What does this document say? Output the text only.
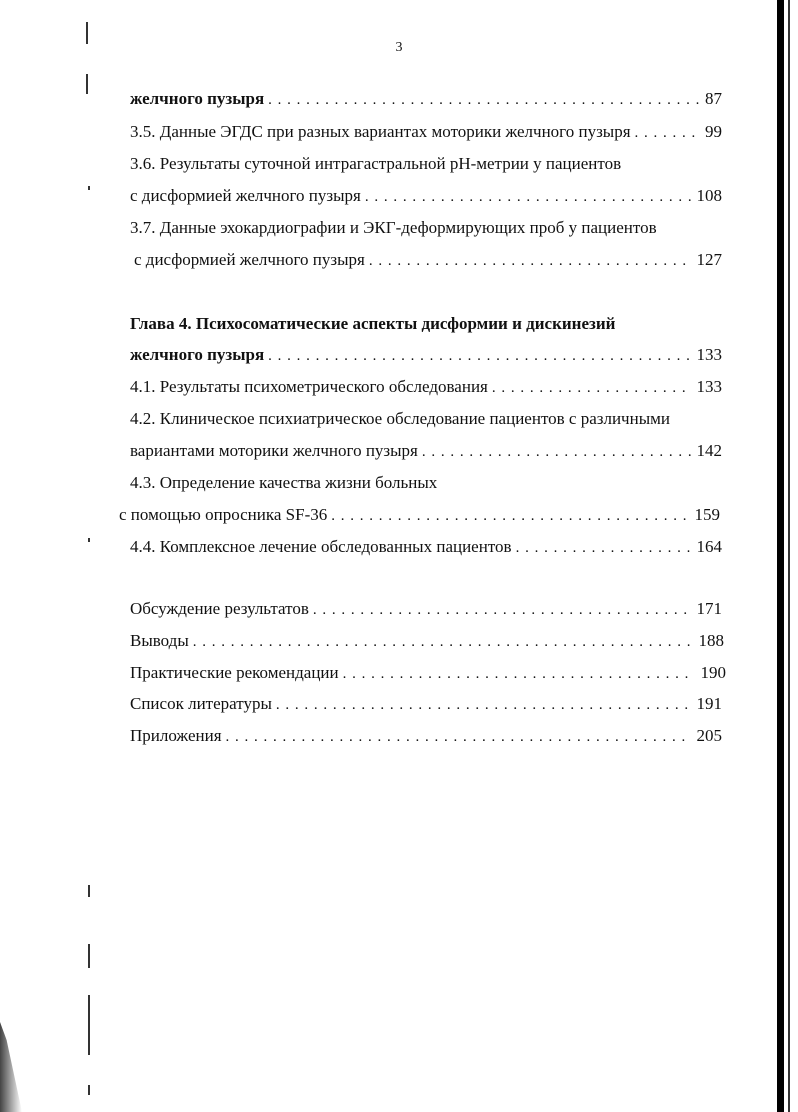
3
желчного пузыря . . .	87
3.5. Данные ЭГДС при разных вариантах моторики желчного пузыря . . .	99
3.6. Результаты суточной интрагастральной рН-метрии у пациентов
с дисформией желчного пузыря . . .	108
3.7. Данные эхокардиографии и ЭКГ-деформирующих проб у пациентов
с дисформией желчного пузыря . . .	127
Глава 4. Психосоматические аспекты дисформии и дискинезий
желчного пузыря . . .	133
4.1. Результаты психометрического обследования . . .	133
4.2. Клиническое психиатрическое обследование пациентов с различными
вариантами моторики желчного пузыря . . .	142
4.3. Определение качества жизни больных
с помощью опросника SF-36 . . .	159
4.4. Комплексное лечение обследованных пациентов . . .	164
Обсуждение результатов . . .	171
Выводы . . .	188
Практические рекомендации . . .	190
Список литературы . . .	191
Приложения . . .	205
